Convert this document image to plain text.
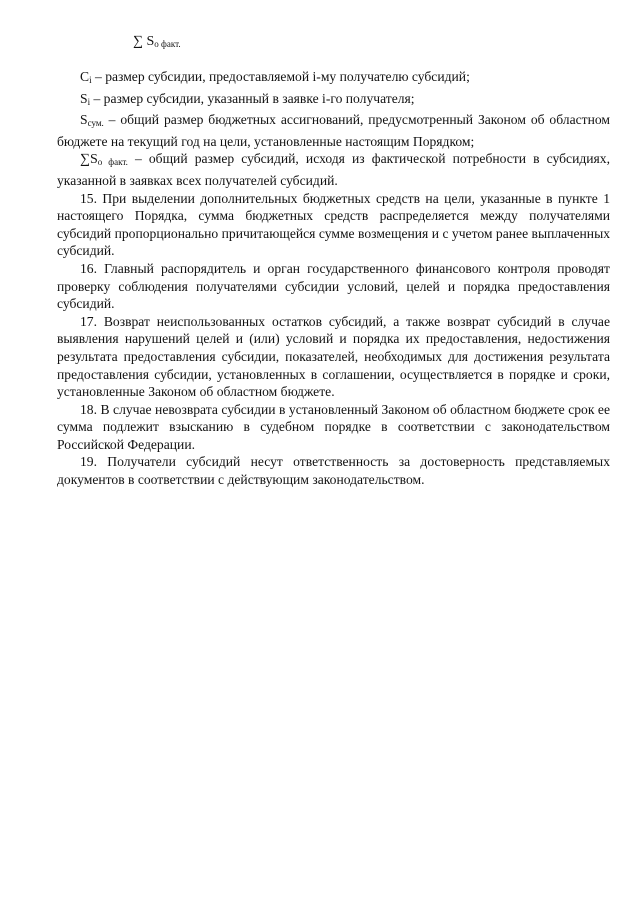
∑ $S_{о факт.}$

Ci – размер субсидии, предоставляемой i-му получателю субсидий;

Si – размер субсидии, указанный в заявке i-го получателя;

Sсум. – общий размер бюджетных ассигнований, предусмотренный Законом об областном бюджете на текущий год на цели, установленные настоящим Порядком;

∑Sо факт. – общий размер субсидий, исходя из фактической потребности в субсидиях, указанной в заявках всех получателей субсидий.

15. При выделении дополнительных бюджетных средств на цели, указанные в пункте 1 настоящего Порядка, сумма бюджетных средств распределяется между получателями субсидий пропорционально причитающейся сумме возмещения и с учетом ранее выплаченных субсидий.

16. Главный распорядитель и орган государственного финансового контроля проводят проверку соблюдения получателями субсидии условий, целей и порядка предоставления субсидий.

17. Возврат неиспользованных остатков субсидий, а также возврат субсидий в случае выявления нарушений целей и (или) условий и порядка их предоставления, недостижения результата предоставления субсидии, показателей, необходимых для достижения результата предоставления субсидии, установленных в соглашении, осуществляется в порядке и сроки, установленные Законом об областном бюджете.

18. В случае невозврата субсидии в установленный Законом об областном бюджете срок ее сумма подлежит взысканию в судебном порядке в соответствии с законодательством Российской Федерации.

19. Получатели субсидий несут ответственность за достоверность представляемых документов в соответствии с действующим законодательством.
